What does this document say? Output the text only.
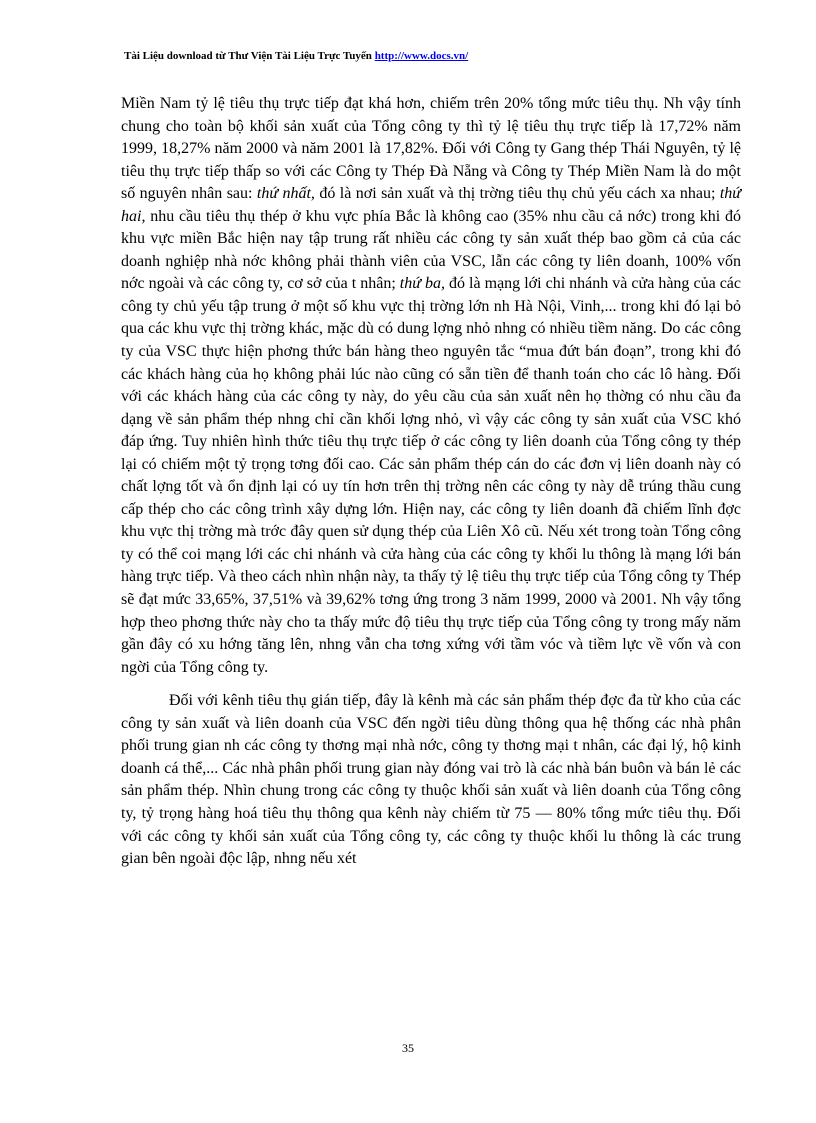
Tài Liệu download từ Thư Viện Tài Liệu Trực Tuyến http://www.docs.vn/

Miền Nam tỷ lệ tiêu thụ trực tiếp đạt khá hơn, chiếm trên 20% tổng mức tiêu thụ. Nh vậy tính chung cho toàn bộ khối sản xuất của Tổng công ty thì tỷ lệ tiêu thụ trực tiếp là 17,72% năm 1999, 18,27% năm 2000 và năm 2001 là 17,82%. Đối với Công ty Gang thép Thái Nguyên, tỷ lệ tiêu thụ trực tiếp thấp so với các Công ty Thép Đà Nẵng và Công ty Thép Miền Nam là do một số nguyên nhân sau: thứ nhất, đó là nơi sản xuất và thị trờng tiêu thụ chủ yếu cách xa nhau; thứ hai, nhu cầu tiêu thụ thép ở khu vực phía Bắc là không cao (35% nhu cầu cả nớc) trong khi đó khu vực miền Bắc hiện nay tập trung rất nhiều các công ty sản xuất thép bao gồm cả của các doanh nghiệp nhà nớc không phải thành viên của VSC, lẫn các công ty liên doanh, 100% vốn nớc ngoài và các công ty, cơ sở của t nhân; thứ ba, đó là mạng lới chi nhánh và cửa hàng của các công ty chủ yếu tập trung ở một số khu vực thị trờng lớn nh Hà Nội, Vinh,... trong khi đó lại bỏ qua các khu vực thị trờng khác, mặc dù có dung lợng nhỏ nhng có nhiều tiềm năng. Do các công ty của VSC thực hiện phơng thức bán hàng theo nguyên tắc “mua đứt bán đoạn”, trong khi đó các khách hàng của họ không phải lúc nào cũng có sẵn tiền để thanh toán cho các lô hàng. Đối với các khách hàng của các công ty này, do yêu cầu của sản xuất nên họ thờng có nhu cầu đa dạng về sản phẩm thép nhng chỉ cần khối lợng nhỏ, vì vậy các công ty sản xuất của VSC khó đáp ứng. Tuy nhiên hình thức tiêu thụ trực tiếp ở các công ty liên doanh của Tổng công ty thép lại có chiếm một tỷ trọng tơng đối cao. Các sản phẩm thép cán do các đơn vị liên doanh này có chất lợng tốt và ổn định lại có uy tín hơn trên thị trờng nên các công ty này dễ trúng thầu cung cấp thép cho các công trình xây dựng lớn. Hiện nay, các công ty liên doanh đã chiếm lĩnh đợc khu vực thị trờng mà trớc đây quen sử dụng thép của Liên Xô cũ. Nếu xét trong toàn Tổng công ty có thể coi mạng lới các chi nhánh và cửa hàng của các công ty khối lu thông là mạng lới bán hàng trực tiếp. Và theo cách nhìn nhận này, ta thấy tỷ lệ tiêu thụ trực tiếp của Tổng công ty Thép sẽ đạt mức 33,65%, 37,51% và 39,62% tơng ứng trong 3 năm 1999, 2000 và 2001. Nh vậy tổng hợp theo phơng thức này cho ta thấy mức độ tiêu thụ trực tiếp của Tổng công ty trong mấy năm gần đây có xu hớng tăng lên, nhng vẫn cha tơng xứng với tầm vóc và tiềm lực về vốn và con ngời của Tổng công ty.

Đối với kênh tiêu thụ gián tiếp, đây là kênh mà các sản phẩm thép đợc đa từ kho của các công ty sản xuất và liên doanh của VSC đến ngời tiêu dùng thông qua hệ thống các nhà phân phối trung gian nh các công ty thơng mại nhà nớc, công ty thơng mại t nhân, các đại lý, hộ kinh doanh cá thể,... Các nhà phân phối trung gian này đóng vai trò là các nhà bán buôn và bán lẻ các sản phẩm thép. Nhìn chung trong các công ty thuộc khối sản xuất và liên doanh của Tổng công ty, tỷ trọng hàng hoá tiêu thụ thông qua kênh này chiếm từ 75 — 80% tổng mức tiêu thụ. Đối với các công ty khối sản xuất của Tổng công ty, các công ty thuộc khối lu thông là các trung gian bên ngoài độc lập, nhng nếu xét

35
